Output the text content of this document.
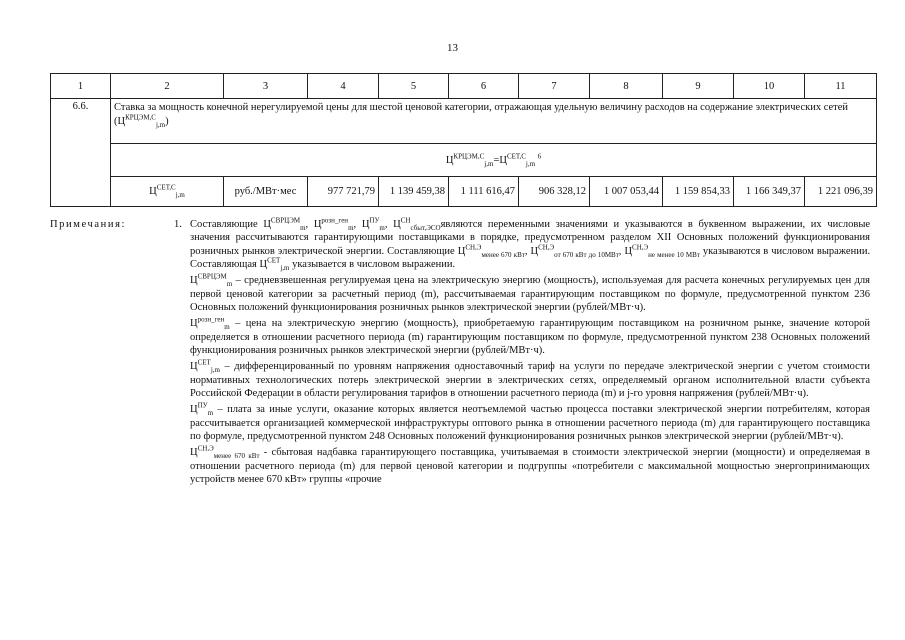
13
1	2	3	4	5	6	7	8	9	10	11
6.6.	Ставка за мощность конечной нерегулируемой цены для шестой ценовой категории, отражающая удельную величину расходов на содержание электрических сетей $(Ц^{КРЦЭМ,С}_{j,m})$									
	$Ц^{КРЦЭМ,С}_{j,m}=Ц^{СЕТ,С}_{j,m}$ $^6$
	$Ц^{СЕТ,С}_{j,m}$	руб./МВт·мес	977 721,79	1 139 459,38	1 111 616,47	906 328,12	1 007 053,44	1 159 854,33	1 166 349,37	1 221 096,39
Примечания:	1. Составляющие $Ц^{СВРЦЭМ}_m$, $Ц^{розн\_ген}_m$, $Ц^{ПУ}_m$, $Ц^{СН}_{сбыт,ЭСО}являются$ переменными значениями и указываются в буквенном выражении, их числовые значения рассчитываются гарантирующими поставщиками в порядке, предусмотренном разделом XII Основных положений функционирования розничных рынков электрической энергии. Составляющие $Ц^{СН,Э}_{менее 670 кВт}$, $Ц^{СН,Э}_{от 670 кВт до 10МВт}$, $Ц^{СН,Э}_{не менее 10 МВт}$ указываются в числовом выражении. Составляющая $Ц^{СЕТ}_{j,m}$ указывается в числовом выражении.

$Ц^{СВРЦЭМ}_m$ – средневзвешенная регулируемая цена на электрическую энергию (мощность), используемая для расчета конечных регулируемых цен для первой ценовой категории за расчетный период (m), рассчитываемая гарантирующим поставщиком по формуле, предусмотренной пунктом 236 Основных положений функционирования розничных рынков электрической энергии (рублей/МВт·ч).

$Ц^{розн\_ген}_m$ – цена на электрическую энергию (мощность), приобретаемую гарантирующим поставщиком на розничном рынке, значение которой определяется в отношении расчетного периода (m) гарантирующим поставщиком по формуле, предусмотренной пунктом 238 Основных положений функционирования розничных рынков электрической энергии (рублей/МВт·ч).

$Ц^{СЕТ}_{j,m}$ – дифференцированный по уровням напряжения одноставочный тариф на услуги по передаче электрической энергии с учетом стоимости нормативных технологических потерь электрической энергии в электрических сетях, определяемый органом исполнительной власти субъекта Российской Федерации в области регулирования тарифов в отношении расчетного периода (m) и j-го уровня напряжения (рублей/МВт·ч).

$Ц^{ПУ}_m$ – плата за иные услуги, оказание которых является неотъемлемой частью процесса поставки электрической энергии потребителям, которая рассчитывается организацией коммерческой инфраструктуры оптового рынка в отношении расчетного периода (m) для гарантирующего поставщика по формуле, предусмотренной пунктом 248 Основных положений функционирования розничных рынков электрической энергии (рублей/МВт·ч).

$Ц^{СН,Э}_{менее 670 кВт}$ - сбытовая надбавка гарантирующего поставщика, учитываемая в стоимости электрической энергии (мощности) и определяемая в отношении расчетного периода (m) для первой ценовой категории и подгруппы «потребители с максимальной мощностью энергопринимающих устройств менее 670 кВт» группы «прочие
